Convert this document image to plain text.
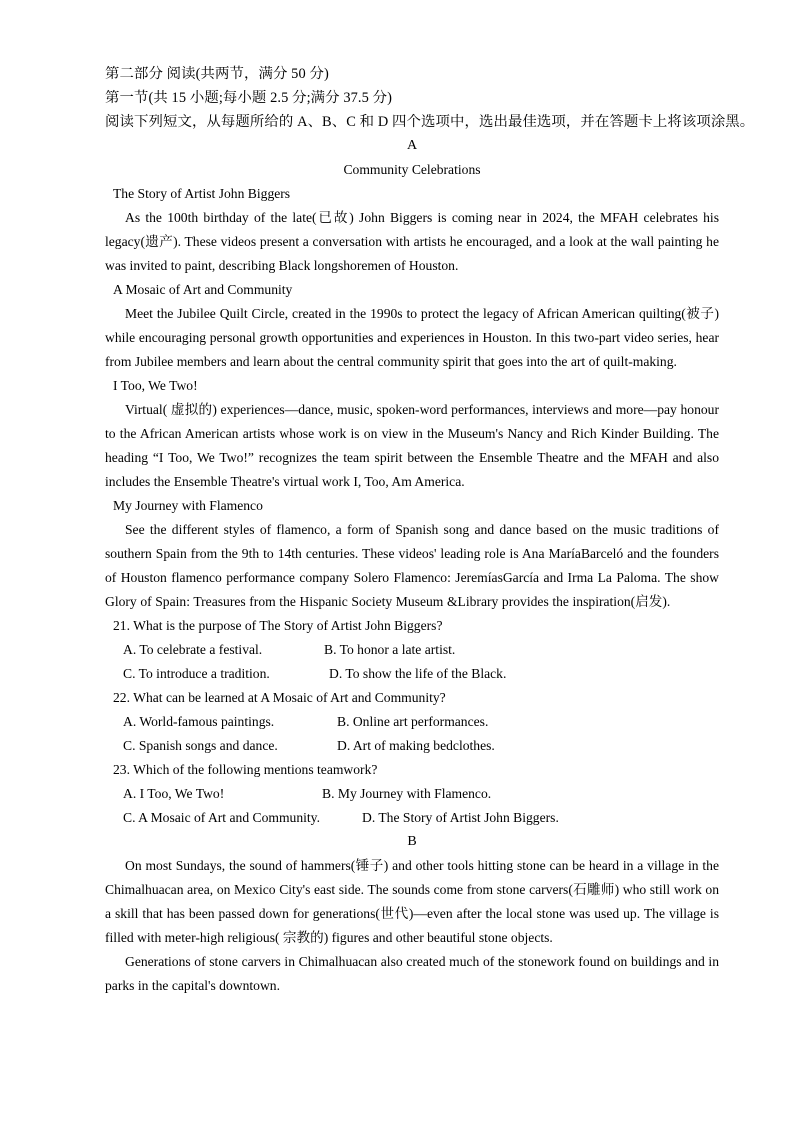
第二部分 阅读(共两节，满分 50 分)
第一节(共 15 小题;每小题 2.5 分;满分 37.5 分)
阅读下列短文，从每题所给的 A、B、C 和 D 四个选项中，选出最佳选项，并在答题卡上将该项涂黑。
A
Community Celebrations
The Story of Artist John Biggers

As the 100th birthday of the late(已故) John Biggers is coming near in 2024, the MFAH celebrates his legacy(遗产). These videos present a conversation with artists he encouraged, and a look at the wall painting he was invited to paint, describing Black longshoremen of Houston.

A Mosaic of Art and Community

Meet the Jubilee Quilt Circle, created in the 1990s to protect the legacy of African American quilting(被子) while encouraging personal growth opportunities and experiences in Houston. In this two-part video series, hear from Jubilee members and learn about the central community spirit that goes into the art of quilt-making.

I Too, We Two!

Virtual( 虚拟的) experiences—dance, music, spoken-word performances, interviews and more—pay honour to the African American artists whose work is on view in the Museum's Nancy and Rich Kinder Building. The heading “I Too, We Two!” recognizes the team spirit between the Ensemble Theatre and the MFAH and also includes the Ensemble Theatre's virtual work I, Too, Am America.

My Journey with Flamenco

See the different styles of flamenco, a form of Spanish song and dance based on the music traditions of southern Spain from the 9th to 14th centuries. These videos' leading role is Ana MaríaBarceló and the founders of Houston flamenco performance company Solero Flamenco: JeremíasGarcía and Irma La Paloma. The show Glory of Spain: Treasures from the Hispanic Society Museum &Library provides the inspiration(启发).

21. What is the purpose of The Story of Artist John Biggers?
A. To celebrate a festival.	B. To honor a late artist.
C. To introduce a tradition.	D. To show the life of the Black.
22. What can be learned at A Mosaic of Art and Community?
A. World-famous paintings.	B. Online art performances.
C. Spanish songs and dance.	D. Art of making bedclothes.
23. Which of the following mentions teamwork?
A. I Too, We Two!	B. My Journey with Flamenco.
C. A Mosaic of Art and Community.	D. The Story of Artist John Biggers.
B

On most Sundays, the sound of hammers(锤子) and other tools hitting stone can be heard in a village in the Chimalhuacan area, on Mexico City's east side. The sounds come from stone carvers(石雕师) who still work on a skill that has been passed down for generations(世代)—even after the local stone was used up. The village is filled with meter-high religious( 宗教的) figures and other beautiful stone objects.

Generations of stone carvers in Chimalhuacan also created much of the stonework found on buildings and in parks in the capital's downtown.
